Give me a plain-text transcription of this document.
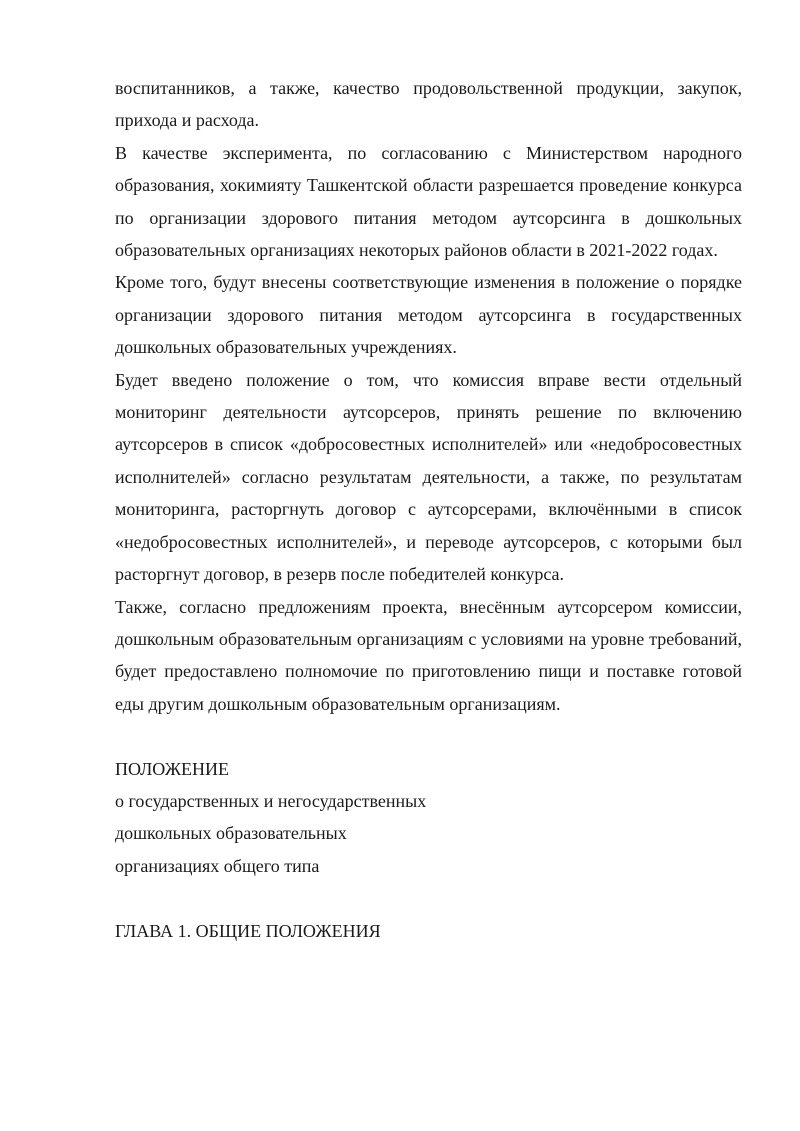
воспитанников, а также, качество продовольственной продукции, закупок, прихода и расхода.

В качестве эксперимента, по согласованию с Министерством народного образования, хокимияту Ташкентской области разрешается проведение конкурса по организации здорового питания методом аутсорсинга в дошкольных образовательных организациях некоторых районов области в 2021-2022 годах.

Кроме того, будут внесены соответствующие изменения в положение о порядке организации здорового питания методом аутсорсинга в государственных дошкольных образовательных учреждениях.

Будет введено положение о том, что комиссия вправе вести отдельный мониторинг деятельности аутсорсеров, принять решение по включению аутсорсеров в список «добросовестных исполнителей» или «недобросовестных исполнителей» согласно результатам деятельности, а также, по результатам мониторинга, расторгнуть договор с аутсорсерами, включёнными в список «недобросовестных исполнителей», и переводе аутсорсеров, с которыми был расторгнут договор, в резерв после победителей конкурса.

Также, согласно предложениям проекта, внесённым аутсорсером комиссии, дошкольным образовательным организациям с условиями на уровне требований, будет предоставлено полномочие по приготовлению пищи и поставке готовой еды другим дошкольным образовательным организациям.

ПОЛОЖЕНИЕ

о государственных и негосударственных

дошкольных образовательных

организациях общего типа

ГЛАВА 1. ОБЩИЕ ПОЛОЖЕНИЯ
